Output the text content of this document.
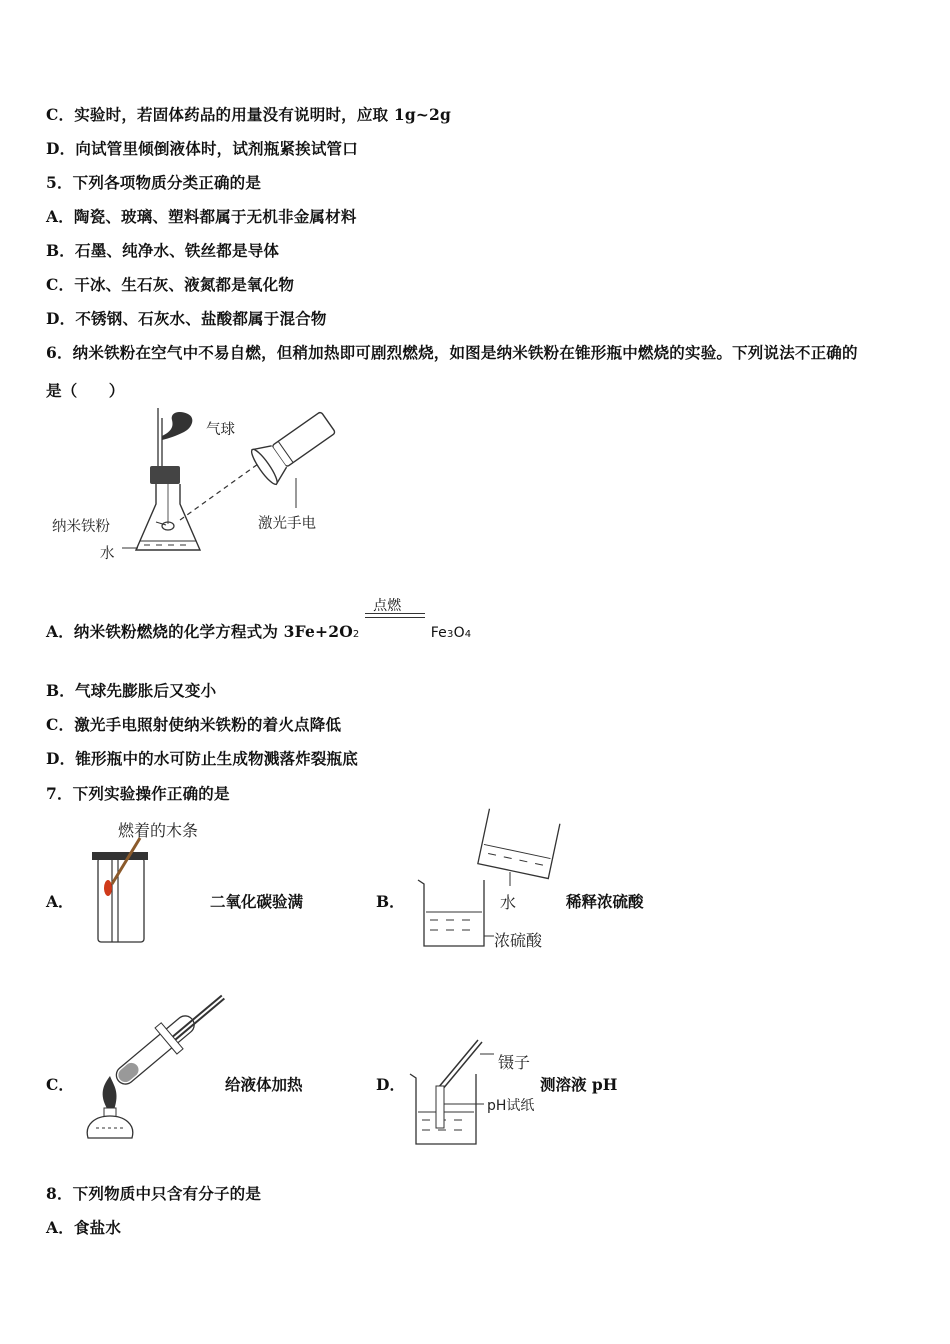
C．实验时，若固体药品的用量没有说明时，应取 1g~2g
D．向试管里倾倒液体时，试剂瓶紧挨试管口
5．下列各项物质分类正确的是
A．陶瓷、玻璃、塑料都属于无机非金属材料
B．石墨、纯净水、铁丝都是导体
C．干冰、生石灰、液氮都是氧化物
D．不锈钢、石灰水、盐酸都属于混合物
6．纳米铁粉在空气中不易自燃，但稍加热即可剧烈燃烧，如图是纳米铁粉在锥形瓶中燃烧的实验。下列说法不正确的
是（　　）
气球
纳米铁粉
水
激光手电
A．纳米铁粉燃烧的化学方程式为 3Fe+2O2
点燃
Fe3O4
B．气球先膨胀后又变小
C．激光手电照射使纳米铁粉的着火点降低
D．锥形瓶中的水可防止生成物溅落炸裂瓶底
7．下列实验操作正确的是
A．
燃着的木条
二氧化碳验满	B．	水
浓硫酸
稀释浓硫酸
C．	给液体加热	D．
镊子
pH试纸
测溶液 pH
8．下列物质中只含有分子的是
A．食盐水
